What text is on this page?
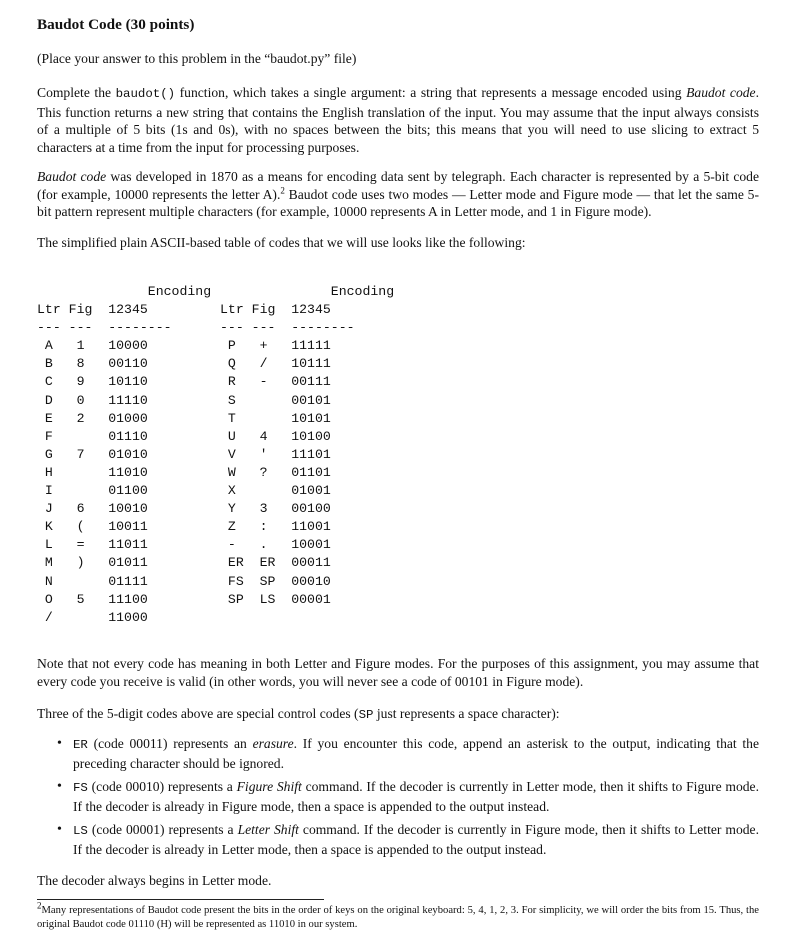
Baudot Code (30 points)

(Place your answer to this problem in the “baudot.py” file)

Complete the baudot() function, which takes a single argument: a string that represents a message encoded using Baudot code. This function returns a new string that contains the English translation of the input. You may assume that the input always consists of a multiple of 5 bits (1s and 0s), with no spaces between the bits; this means that you will need to use slicing to extract 5 characters at a time from the input for processing purposes.

Baudot code was developed in 1870 as a means for encoding data sent by telegraph. Each character is represented by a 5-bit code (for example, 10000 represents the letter A).$^2$ Baudot code uses two modes — Letter mode and Figure mode — that let the same 5-bit pattern represent multiple characters (for example, 10000 represents A in Letter mode, and 1 in Figure mode).

The simplified plain ASCII-based table of codes that we will use looks like the following:

Encoding
Ltr Fig  12345
--- ---  --------
A   1   10000
B   8   00110
C   9   10110
D   0   11110
E   2   01000
F       01110
G   7   01010
H       11010
I       01100
J   6   10010
K   (   10011
L   =   11011
M   )   01011
N       01111
O   5   11100
/       11000
Encoding
Ltr Fig  12345
--- ---  --------
P   +   11111
Q   /   10111
R   -   00111
S       00101
T       10101
U   4   10100
V   '   11101
W   ?   01101
X       01001
Y   3   00100
Z   :   11001
-   .   10001
ER  ER  00011
FS  SP  00010
SP  LS  00001

Note that not every code has meaning in both Letter and Figure modes. For the purposes of this assignment, you may assume that every code you receive is valid (in other words, you will never see a code of 00101 in Figure mode).

Three of the 5-digit codes above are special control codes (SP just represents a space character):

• ER (code 00011) represents an erasure. If you encounter this code, append an asterisk to the output, indicating that the preceding character should be ignored.
• FS (code 00010) represents a Figure Shift command. If the decoder is currently in Letter mode, then it shifts to Figure mode. If the decoder is already in Figure mode, then a space is appended to the output instead.
• LS (code 00001) represents a Letter Shift command. If the decoder is currently in Figure mode, then it shifts to Letter mode. If the decoder is already in Letter mode, then a space is appended to the output instead.

The decoder always begins in Letter mode.

$^2$Many representations of Baudot code present the bits in the order of keys on the original keyboard: 5, 4, 1, 2, 3. For simplicity, we will order the bits from 15. Thus, the original Baudot code 01110 (H) will be represented as 11010 in our system.
